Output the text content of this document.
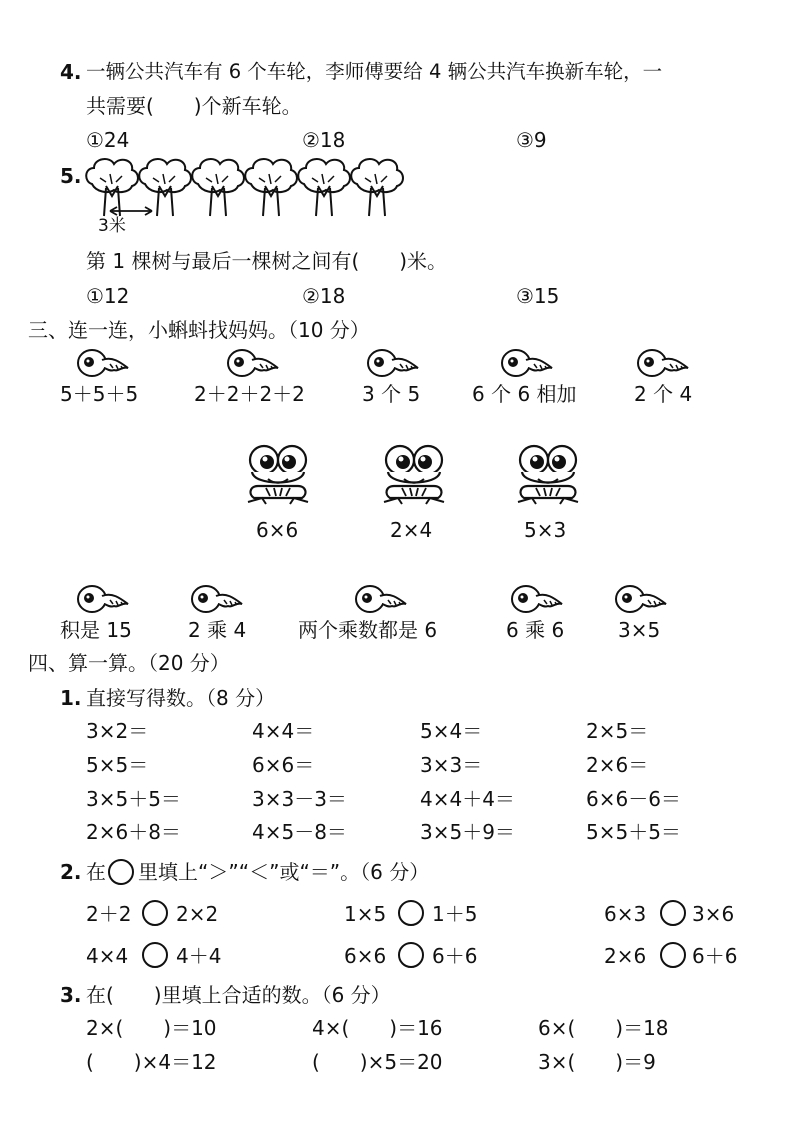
4. 一辆公共汽车有 6 个车轮，李师傅要给 4 辆公共汽车换新车轮，一
共需要(　　)个新车轮。
①24	②18	③9
5.
3米
第 1 棵树与最后一棵树之间有(　　)米。
①12	②18	③15
三、连一连，小蝌蚪找妈妈。（10 分）
5＋5＋5	2＋2＋2＋2	3 个 5	6 个 6 相加	2 个 4
6×6	2×4	5×3
积是 15	2 乘 4	两个乘数都是 6	6 乘 6	3×5
四、算一算。（20 分）
1. 直接写得数。（8 分）
3×2＝	4×4＝	5×4＝	2×5＝
5×5＝	6×6＝	3×3＝	2×6＝
3×5＋5＝	3×3－3＝	4×4＋4＝	6×6－6＝
2×6＋8＝	4×5－8＝	3×5＋9＝	5×5＋5＝
2. 在 里填上“＞”“＜”或“＝”。（6 分）
2＋2 2×2	1×5 1＋5	6×3 3×6
4×4 4＋4	6×6 6＋6	2×6 6＋6
3. 在(　　)里填上合适的数。（6 分）
2×(　　)＝10	4×(　　)＝16	6×(　　)＝18
(　　)×4＝12	(　　)×5＝20	3×(　　)＝9
